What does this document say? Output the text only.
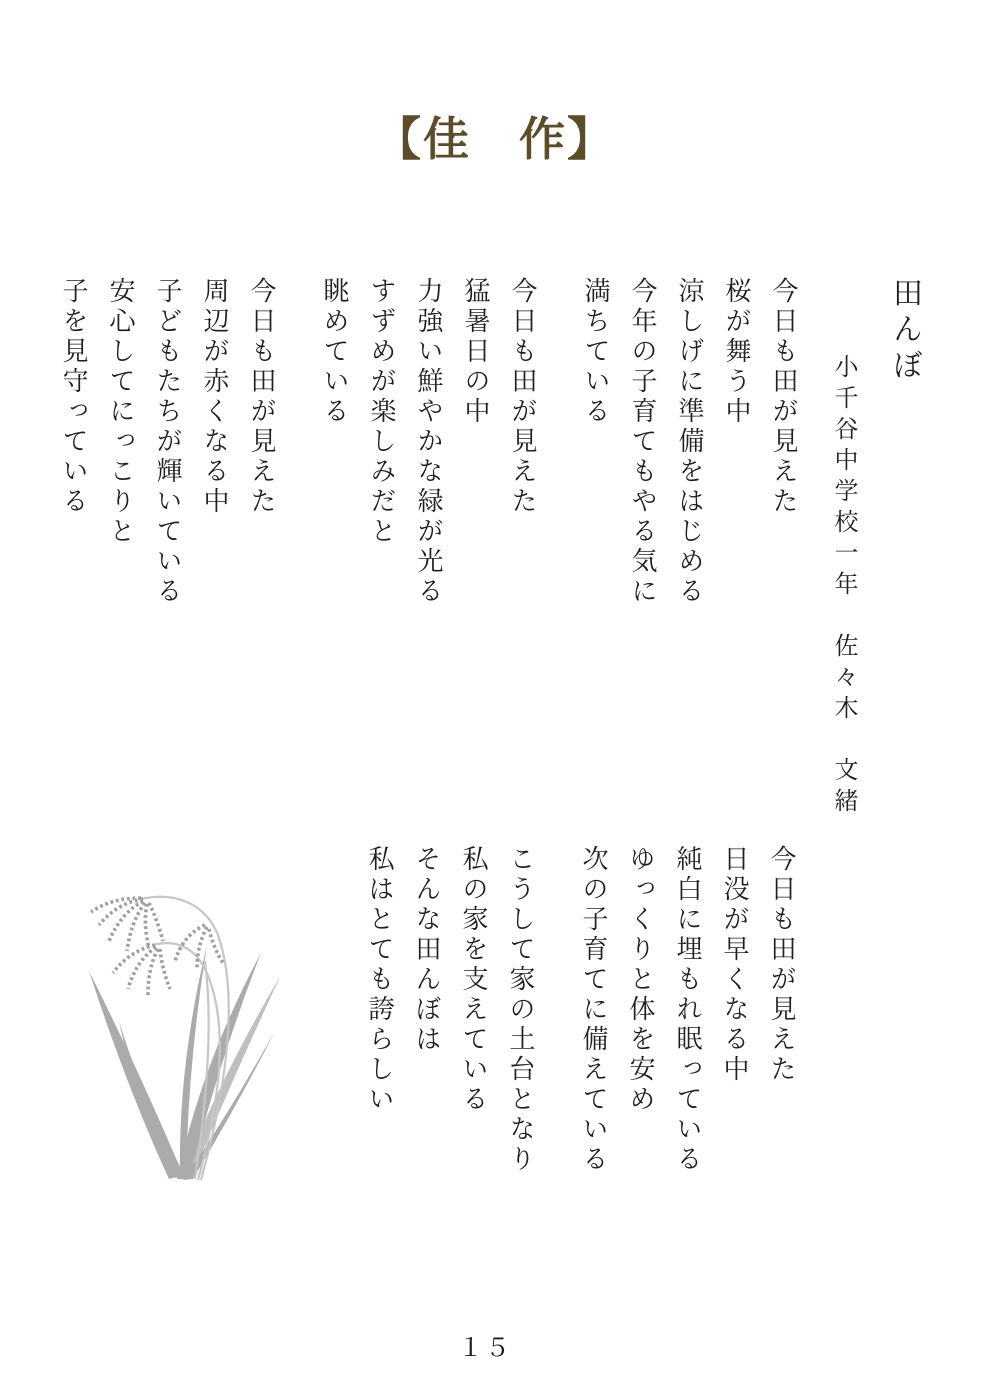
【佳　作】
田んぼ
小千谷中学校一年　佐々木　文緒
今日も田が見えた
桜が舞う中
涼しげに準備をはじめる
今年の子育てもやる気に
満ちている
今日も田が見えた
猛暑日の中
力強い鮮やかな緑が光る
すずめが楽しみだと
眺めている
今日も田が見えた
周辺が赤くなる中
子どもたちが輝いている
安心してにっこりと
子を見守っている
今日も田が見えた
日没が早くなる中
純白に埋もれ眠っている
ゆっくりと体を安め
次の子育てに備えている
こうして家の土台となり
私の家を支えている
そんな田んぼは
私はとても誇らしい
１５
